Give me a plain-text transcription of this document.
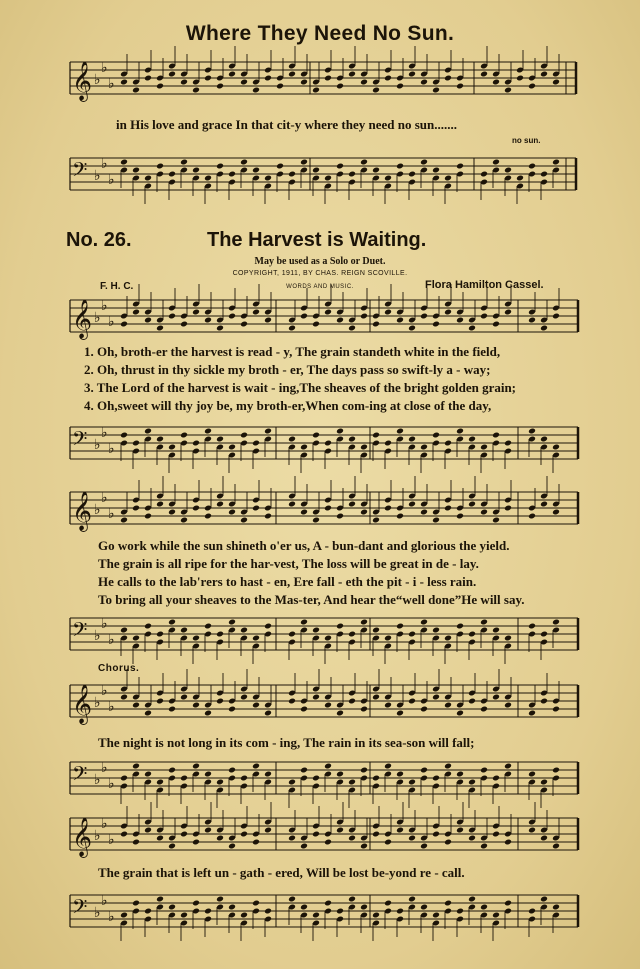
Where They Need No Sun.
𝄞 ♭
♭
♭
𝄢 ♭
♭
♭
𝄞 ♭
♭
♭
𝄢 ♭
♭
♭
𝄞 ♭
♭
♭
𝄢 ♭
♭
♭
𝄞 ♭
♭
♭
𝄢 ♭
♭
♭
𝄞 ♭
♭
♭
𝄢 ♭
♭
♭
in His love and grace In that cit-y where they need no sun.......
no sun.
No. 26.	The Harvest is Waiting.
May be used as a Solo or Duet.
COPYRIGHT, 1911, BY CHAS. REIGN SCOVILLE.
F. H. C.	WORDS AND MUSIC.	Flora Hamilton Cassel.
1. Oh, broth-er the harvest is read - y, The grain standeth white in the field,
2. Oh, thrust in thy sickle my broth - er, The days pass so swift-ly a - way;
3. The Lord of the harvest is wait - ing,The sheaves of the bright golden grain;
4. Oh,sweet will thy joy be, my broth-er,When com-ing at close of the day,
Go work while the sun shineth o'er us, A - bun-dant and glorious the yield.
The grain is all ripe for the har-vest, The loss will be great in de - lay.
He calls to the lab'rers to hast - en, Ere fall - eth the pit - i - less rain.
To bring all your sheaves to the Mas-ter, And hear the“well done”He will say.
Chorus.
The night is not long in its com - ing, The rain in its sea-son will fall;
The grain that is left un - gath - ered, Will be lost be-yond re - call.
